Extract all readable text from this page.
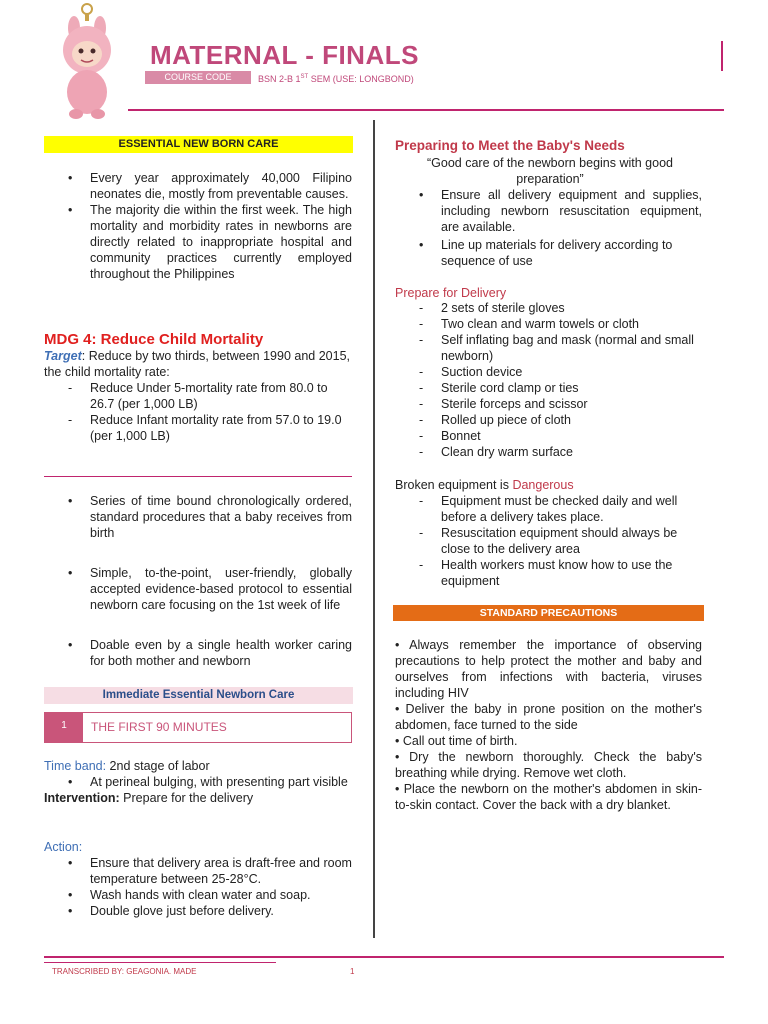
MATERNAL - FINALS
COURSE CODE	BSN 2-B 1ST SEM (USE: LONGBOND)
ESSENTIAL NEW BORN CARE
• Every year approximately 40,000 Filipino neonates die, mostly from preventable causes.
• The majority die within the first week. The high mortality and morbidity rates in newborns are directly related to inappropriate hospital and community practices currently employed throughout the Philippines
MDG 4: Reduce Child Mortality
Target: Reduce by two thirds, between 1990 and 2015, the child mortality rate:
- Reduce Under 5-mortality rate from 80.0 to 26.7 (per 1,000 LB)
- Reduce Infant mortality rate from 57.0 to 19.0 (per 1,000 LB)
• Series of time bound chronologically ordered, standard procedures that a baby receives from birth
• Simple, to-the-point, user-friendly, globally accepted evidence-based protocol to essential newborn care focusing on the 1st week of life
• Doable even by a single health worker caring for both mother and newborn
Immediate Essential Newborn Care
1	THE FIRST 90 MINUTES
Time band: 2nd stage of labor
• At perineal bulging, with presenting part visible
Intervention: Prepare for the delivery
Action:
• Ensure that delivery area is draft-free and room temperature between 25-28°C.
• Wash hands with clean water and soap.
• Double glove just before delivery.
Preparing to Meet the Baby's Needs
“Good care of the newborn begins with good
preparation”
• Ensure all delivery equipment and supplies, including newborn resuscitation equipment, are available.
• Line up materials for delivery according to sequence of use
Prepare for Delivery
- 2 sets of sterile gloves
- Two clean and warm towels or cloth
- Self inflating bag and mask (normal and small newborn)
- Suction device
- Sterile cord clamp or ties
- Sterile forceps and scissor
- Rolled up piece of cloth
- Bonnet
- Clean dry warm surface
Broken equipment is Dangerous
- Equipment must be checked daily and well before a delivery takes place.
- Resuscitation equipment should always be close to the delivery area
- Health workers must know how to use the equipment
STANDARD PRECAUTIONS
• Always remember the importance of observing precautions to help protect the mother and baby and ourselves from infections with bacteria, viruses including HIV
• Deliver the baby in prone position on the mother's abdomen, face turned to the side
• Call out time of birth.
• Dry the newborn thoroughly. Check the baby's breathing while drying. Remove wet cloth.
• Place the newborn on the mother's abdomen in skin-to-skin contact. Cover the back with a dry blanket.
TRANSCRIBED BY: GEAGONIA. MADE	1
